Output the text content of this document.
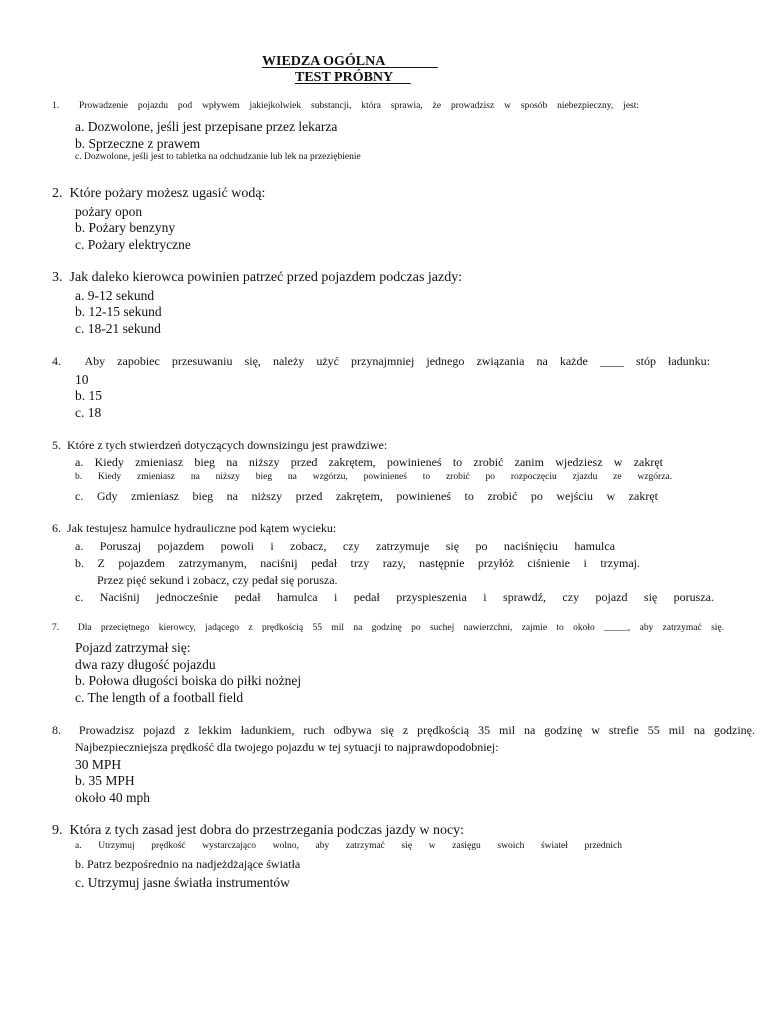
WIEDZA OGÓLNA
TEST PRÓBNY
1. Prowadzenie pojazdu pod wpływem jakiejkolwiek substancji, która sprawia, że prowadzisz w sposób niebezpieczny, jest:
a. Dozwolone, jeśli jest przepisane przez lekarza
b. Sprzeczne z prawem
c. Dozwolone, jeśli jest to tabletka na odchudzanie lub lek na przeziębienie
2. Które pożary możesz ugasić wodą:
pożary opon
b. Pożary benzyny
c. Pożary elektryczne
3. Jak daleko kierowca powinien patrzeć przed pojazdem podczas jazdy:
a. 9-12 sekund
b. 12-15 sekund
c. 18-21 sekund
4. Aby zapobiec przesuwaniu się, należy użyć przynajmniej jednego związania na każde ____ stóp ładunku:
10
b. 15
c. 18
5. Które z tych stwierdzeń dotyczących downsizingu jest prawdziwe:
a. Kiedy zmieniasz bieg na niższy przed zakrętem, powinieneś to zrobić zanim wjedziesz w zakręt
b. Kiedy zmieniasz na niższy bieg na wzgórzu, powinieneś to zrobić po rozpoczęciu zjazdu ze wzgórza.
c. Gdy zmieniasz bieg na niższy przed zakrętem, powinieneś to zrobić po wejściu w zakręt
6. Jak testujesz hamulce hydrauliczne pod kątem wycieku:
a. Poruszaj pojazdem powoli i zobacz, czy zatrzymuje się po naciśnięciu hamulca
b. Z pojazdem zatrzymanym, naciśnij pedał trzy razy, następnie przyłóż ciśnienie i trzymaj.
Przez pięć sekund i zobacz, czy pedał się porusza.
c. Naciśnij jednocześnie pedał hamulca i pedał przyspieszenia i sprawdź, czy pojazd się porusza.
7. Dla przeciętnego kierowcy, jadącego z prędkością 55 mil na godzinę po suchej nawierzchni, zajmie to około _____, aby zatrzymać się.
Pojazd zatrzymał się:
dwa razy długość pojazdu
b. Połowa długości boiska do piłki nożnej
c. The length of a football field
8. Prowadzisz pojazd z lekkim ładunkiem, ruch odbywa się z prędkością 35 mil na godzinę w strefie 55 mil na godzinę.
Najbezpieczniejsza prędkość dla twojego pojazdu w tej sytuacji to najprawdopodobniej:
30 MPH
b. 35 MPH
około 40 mph
9. Która z tych zasad jest dobra do przestrzegania podczas jazdy w nocy:
a. Utrzymuj prędkość wystarczająco wolno, aby zatrzymać się w zasięgu swoich świateł przednich
b. Patrz bezpośrednio na nadjeżdżające światła
c. Utrzymuj jasne światła instrumentów
